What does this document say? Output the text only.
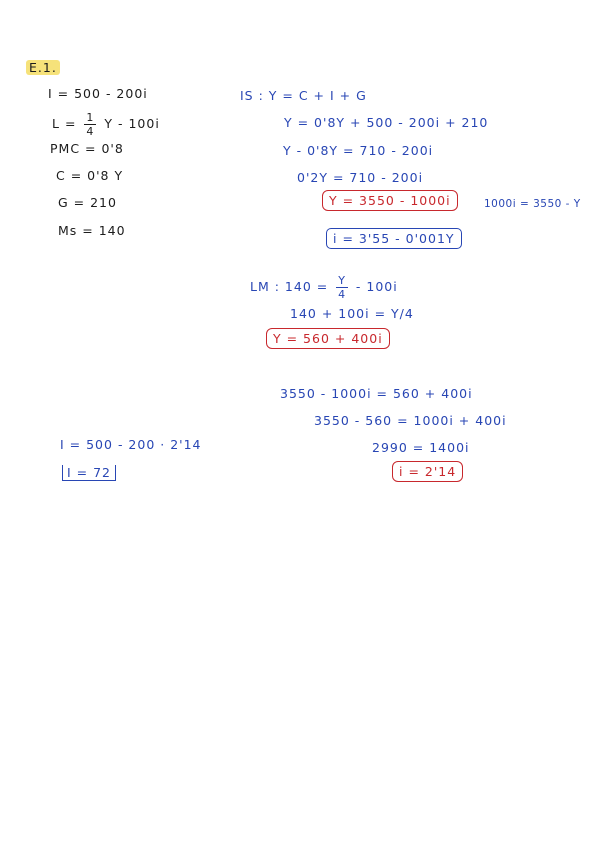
E.1.
I = 500 - 200i
$L = \frac{1}{4}$ Y - 100i
PMC = 0'8
C = 0'8 Y
G = 210
Ms = 140
IS : Y = C + I + G
Y = 0'8Y + 500 - 200i + 210
Y - 0'8Y = 710 - 200i
0'2Y = 710 - 200i
Y = 3550 - 1000i	1000i = 3550 - Y
i = 3'55 - 0'001Y
LM : $140 = \frac{Y}{4} - 100i$
140 + 100i = Y/4
Y = 560 + 400i
3550 - 1000i = 560 + 400i
3550 - 560 = 1000i + 400i
2990 = 1400i
i = 2'14
I = 500 - 200 · 2'14
I = 72
